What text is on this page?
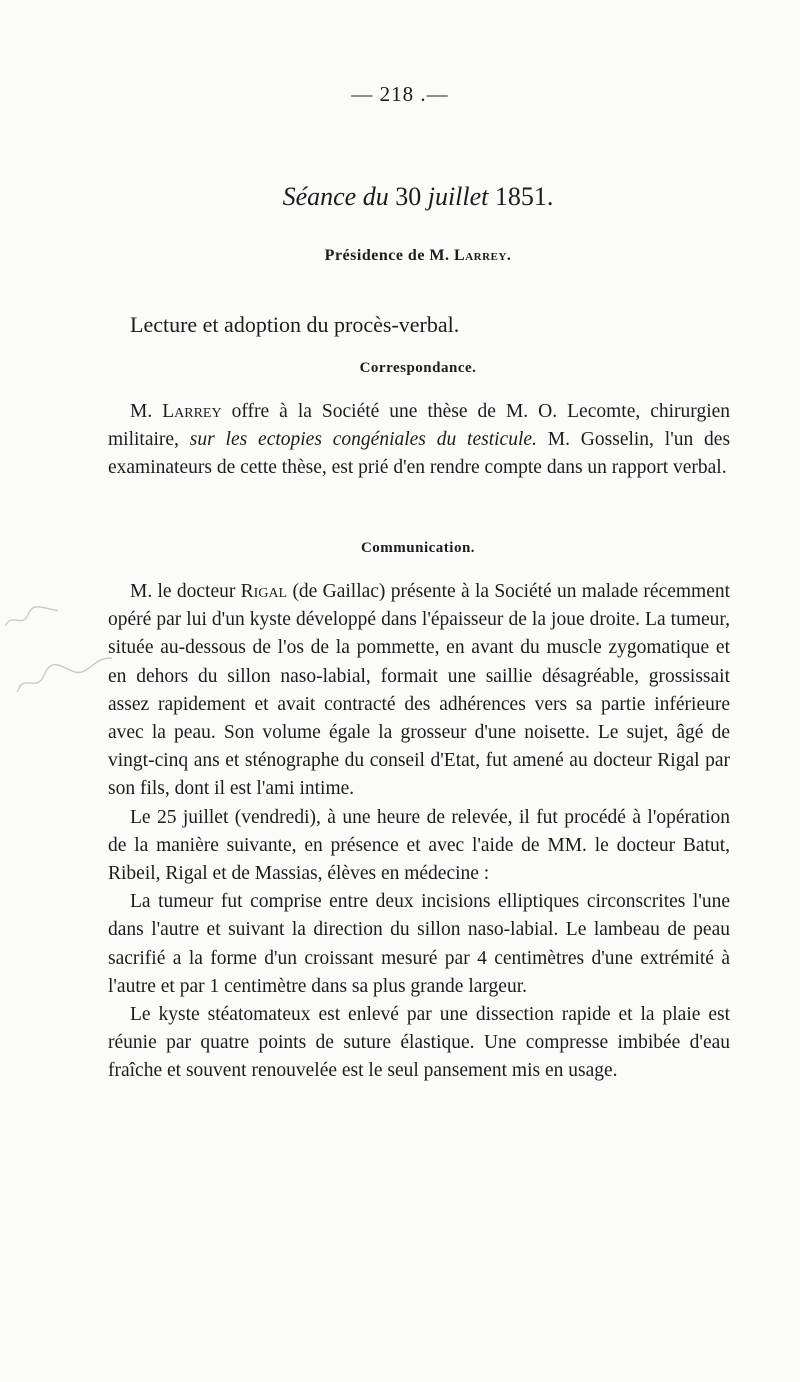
— 218 .—
Séance du 30 juillet 1851.
Présidence de M. Larrey.
Lecture et adoption du procès-verbal.
Correspondance.

M. Larrey offre à la Société une thèse de M. O. Lecomte, chirurgien militaire, sur les ectopies congéniales du testicule. M. Gosselin, l'un des examinateurs de cette thèse, est prié d'en rendre compte dans un rapport verbal.

Communication.

M. le docteur Rigal (de Gaillac) présente à la Société un malade récemment opéré par lui d'un kyste développé dans l'épaisseur de la joue droite. La tumeur, située au-dessous de l'os de la pommette, en avant du muscle zygomatique et en dehors du sillon naso-labial, formait une saillie désagréable, grossissait assez rapidement et avait contracté des adhérences vers sa partie inférieure avec la peau. Son volume égale la grosseur d'une noisette. Le sujet, âgé de vingt-cinq ans et sténographe du conseil d'Etat, fut amené au docteur Rigal par son fils, dont il est l'ami intime.

Le 25 juillet (vendredi), à une heure de relevée, il fut procédé à l'opération de la manière suivante, en présence et avec l'aide de MM. le docteur Batut, Ribeil, Rigal et de Massias, élèves en médecine :

La tumeur fut comprise entre deux incisions elliptiques circonscrites l'une dans l'autre et suivant la direction du sillon naso-labial. Le lambeau de peau sacrifié a la forme d'un croissant mesuré par 4 centimètres d'une extrémité à l'autre et par 1 centimètre dans sa plus grande largeur.

Le kyste stéatomateux est enlevé par une dissection rapide et la plaie est réunie par quatre points de suture élastique. Une compresse imbibée d'eau fraîche et souvent renouvelée est le seul pansement mis en usage.
